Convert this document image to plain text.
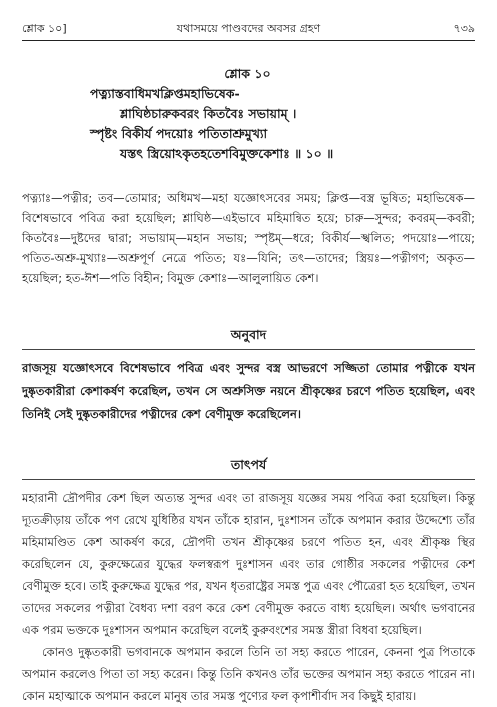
শ্লোক ১০]	যথাসময়ে পাণ্ডবদের অবসর গ্রহণ	৭৩৯
শ্লোক ১০
পত্ন্যাস্তবাধিমখক্লিপ্তমহাভিষেক-
শ্লাঘিষ্ঠচারুকবরং কিতবৈঃ সভায়াম্ ।
স্পৃষ্টং বিকীর্য পদয়োঃ পতিতাশ্রুমুখ্যা
যস্তৎ স্ত্রিয়োঽকৃতহতেশবিমুক্তকেশাঃ ॥ ১০ ॥
পত্ন্যাঃ—পত্নীর; তব—তোমার; অধিমখ—মহা যজ্ঞোৎসবের সময়; ক্লিপ্ত—বস্ত্র ভূষিত; মহাভিষেক—বিশেষভাবে পবিত্র করা হয়েছিল; শ্লাঘিষ্ঠ—এইভাবে মহিমান্বিত হয়ে; চারু—সুন্দর; কবরম্—কবরী; কিতবৈঃ—দুষ্টদের দ্বারা; সভায়াম্—মহান সভায়; স্পৃষ্টম্—ধরে; বিকীর্য—স্খলিত; পদয়োঃ—পায়ে; পতিত-অশ্রু-মুখ্যাঃ—অশ্রুপূর্ণ নেত্রে পতিত; যঃ—যিনি; তৎ—তাদের; স্ত্রিয়ঃ—পত্নীগণ; অকৃত—হয়েছিল; হত-ঈশ—পতি বিহীন; বিমুক্ত কেশাঃ—আলুলায়িত কেশ।
অনুবাদ
রাজসূয় যজ্ঞোৎসবে বিশেষভাবে পবিত্র এবং সুন্দর বস্ত্র আভরণে সজ্জিতা তোমার পত্নীকে যখন দুষ্কৃতকারীরা কেশাকর্ষণ করেছিল, তখন সে অশ্রুসিক্ত নয়নে শ্রীকৃষ্ণের চরণে পতিত হয়েছিল, এবং তিনিই সেই দুষ্কৃতকারীদের পত্নীদের কেশ বেণীমুক্ত করেছিলেন।
তাৎপর্য

মহারানী দ্রৌপদীর কেশ ছিল অত্যন্ত সুন্দর এবং তা রাজসূয় যজ্ঞের সময় পবিত্র করা হয়েছিল। কিন্তু দ্যূতক্রীড়ায় তাঁকে পণ রেখে যুধিষ্ঠির যখন তাঁকে হারান, দুঃশাসন তাঁকে অপমান করার উদ্দেশ্যে তাঁর মহিমামণ্ডিত কেশ আকর্ষণ করে, দ্রৌপদী তখন শ্রীকৃষ্ণের চরণে পতিত হন, এবং শ্রীকৃষ্ণ স্থির করেছিলেন যে, কুরুক্ষেত্রের যুদ্ধের ফলস্বরূপ দুঃশাসন এবং তার গোষ্ঠীর সকলের পত্নীদের কেশ বেণীমুক্ত হবে। তাই কুরুক্ষেত্র যুদ্ধের পর, যখন ধৃতরাষ্ট্রের সমস্ত পুত্র এবং পৌত্রেরা হত হয়েছিল, তখন তাদের সকলের পত্নীরা বৈধব্য দশা বরণ করে কেশ বেণীমুক্ত করতে বাধ্য হয়েছিল। অর্থাৎ ভগবানের এক পরম ভক্তকে দুঃশাসন অপমান করেছিল বলেই কুরুবংশের সমস্ত স্ত্রীরা বিধবা হয়েছিল।

কোনও দুষ্কৃতকারী ভগবানকে অপমান করলে তিনি তা সহ্য করতে পারেন, কেননা পুত্র পিতাকে অপমান করলেও পিতা তা সহ্য করেন। কিন্তু তিনি কখনও তাঁর ভক্তের অপমান সহ্য করতে পারেন না। কোন মহাত্মাকে অপমান করলে মানুষ তার সমস্ত পুণ্যের ফল কৃপাশীর্বাদ সব কিছুই হারায়।
